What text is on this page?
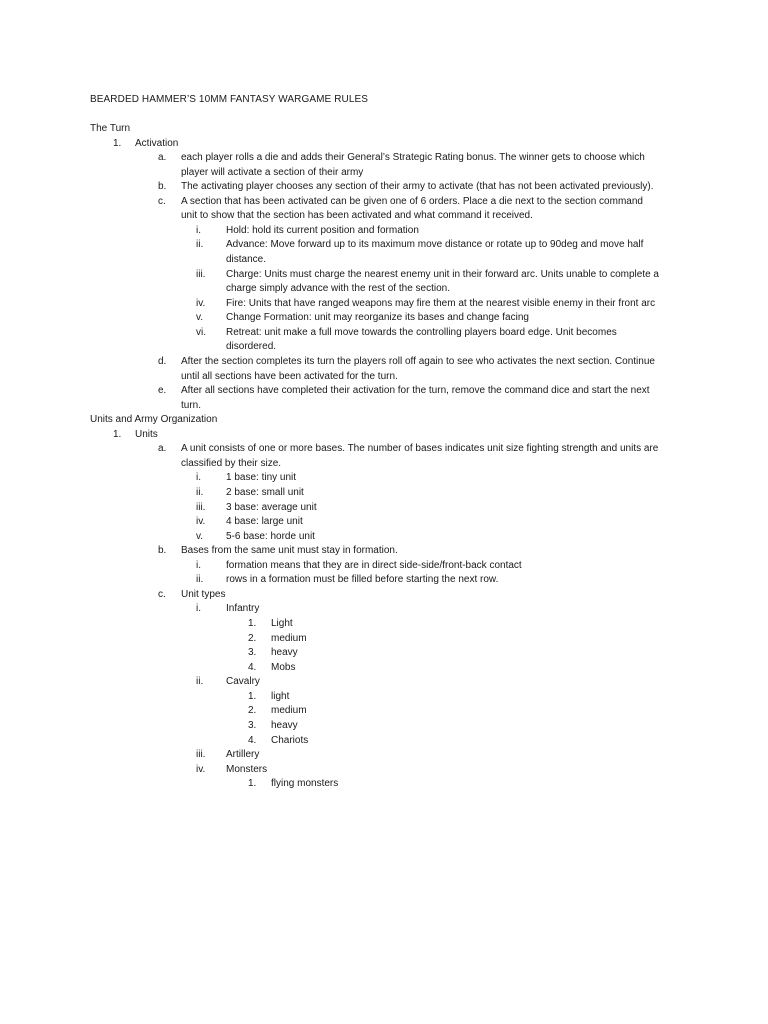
BEARDED HAMMER’S 10MM FANTASY WARGAME RULES
The Turn
1. Activation
a. each player rolls a die and adds their General’s Strategic Rating bonus. The winner gets to choose which
player will activate a section of their army
b. The activating player chooses any section of their army to activate (that has not been activated previously).
c. A section that has been activated can be given one of 6 orders. Place a die next to the section command
unit to show that the section has been activated and what command it received.
i.	Hold: hold its current position and formation
ii. Advance: Move forward up to its maximum move distance or rotate up to 90deg and move half
distance.
iii. Charge: Units must charge the nearest enemy unit in their forward arc. Units unable to complete a
charge simply advance with the rest of the section.
iv. Fire: Units that have ranged weapons may fire them at the nearest visible enemy in their front arc
v. Change Formation: unit may reorganize its bases and change facing
vi. Retreat: unit make a full move towards the controlling players board edge. Unit becomes
disordered.
d. After the section completes its turn the players roll off again to see who activates the next section. Continue
until all sections have been activated for the turn.
e. After all sections have completed their activation for the turn, remove the command dice and start the next
turn.
Units and Army Organization
1. Units
a. A unit consists of one or more bases. The number of bases indicates unit size fighting strength and units are
classified by their size.
i.	1 base: tiny unit
ii. 2 base: small unit
iii. 3 base: average unit
iv. 4 base: large unit
v. 5-6 base: horde unit
b. Bases from the same unit must stay in formation.
i.	formation means that they are in direct side-side/front-back contact
ii. rows in a formation must be filled before starting the next row.
c. Unit types
i.	Infantry
1. Light
2. medium
3. heavy
4. Mobs
ii. Cavalry
1. light
2. medium
3. heavy
4. Chariots
iii. Artillery
iv. Monsters
1. flying monsters
